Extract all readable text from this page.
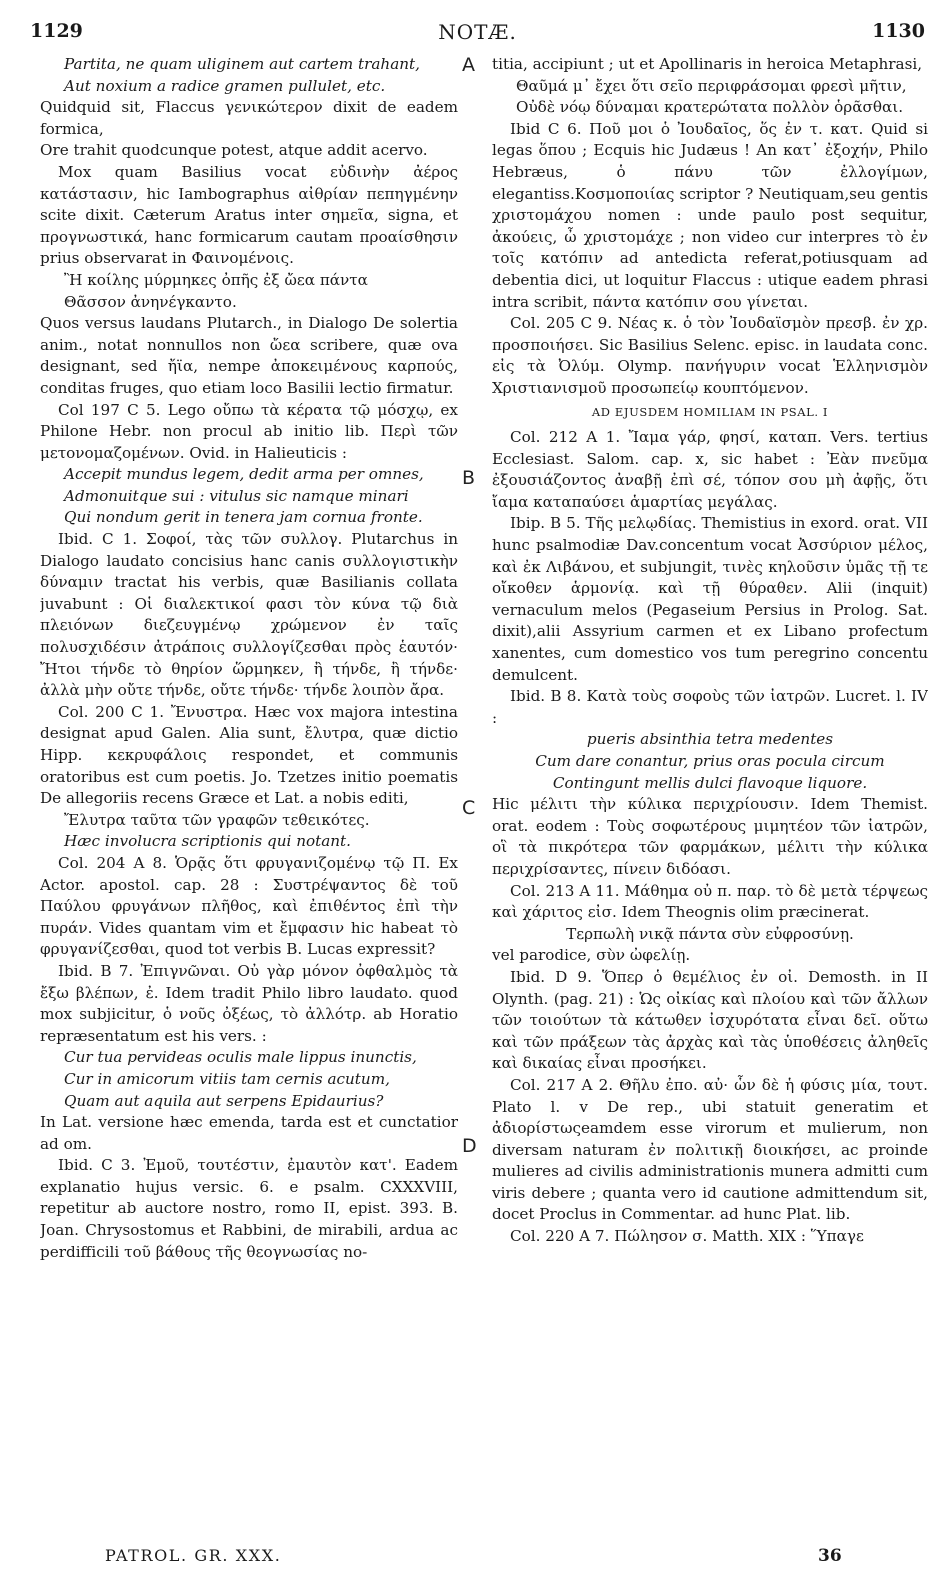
1129	NOTÆ.	1130

Partita, ne quam uliginem aut cartem trahant,

Aut noxium a radice gramen pullulet, etc.

Quidquid sit, Flaccus γενικώτερον dixit de eadem formica,

Ore trahit quodcunque potest, atque addit acervo.

Mox quam Basilius vocat εὐδινὴν ἀέρος κατάστασιν, hic Iambographus αἰθρίαν πεπηγμένην scite dixit. Cæterum Aratus inter σημεῖα, signa, et προγνωστικά, hanc formicarum cautam προαίσθησιν prius observarat in Φαινομένοις.

Ἢ κοίλης μύρμηκες ὀπῆς ἐξ ὤεα πάντα

Θᾶσσον ἀνηνέγκαντο.

Quos versus laudans Plutarch., in Dialogo De solertia anim., notat nonnullos non ὤεα scribere, quæ ova designant, sed ἤϊα, nempe ἀποκειμένους καρπούς, conditas fruges, quo etiam loco Basilii lectio firmatur.

Col 197 C 5. Lego οὔπω τὰ κέρατα τῷ μόσχῳ, ex Philone Hebr. non procul ab initio lib. Περὶ τῶν μετονομαζομένων. Ovid. in Halieuticis :

Accepit mundus legem, dedit arma per omnes,

Admonuitque sui : vitulus sic namque minari

Qui nondum gerit in tenera jam cornua fronte.

Ibid. C 1. Σοφοί, τὰς τῶν συλλογ. Plutarchus in Dialogo laudato concisius hanc canis συλλογιστικὴν δύναμιν tractat his verbis, quæ Basilianis collata juvabunt : Οἱ διαλεκτικοί φασι τὸν κύνα τῷ διὰ πλειόνων διεζευγμένῳ χρώμενον ἐν ταῖς πολυσχιδέσιν ἀτράποις συλλογίζεσθαι πρὸς ἑαυτόν· Ἤτοι τήνδε τὸ θηρίον ὥρμηκεν, ἢ τήνδε, ἢ τήνδε· ἀλλὰ μὴν οὔτε τήνδε, οὔτε τήνδε· τήνδε λοιπὸν ἄρα.

Col. 200 C 1. Ἔνυστρα. Hæc vox majora intestina designat apud Galen. Alia sunt, ἔλυτρα, quæ dictio Hipp. κεκρυφάλοις respondet, et communis oratoribus est cum poetis. Jo. Tzetzes initio poematis De allegoriis recens Græce et Lat. a nobis editi,

Ἔλυτρα ταῦτα τῶν γραφῶν τεθεικότες.

Hæc involucra scriptionis qui notant.

Col. 204 A 8. Ὁρᾷς ὅτι φρυγανιζομένῳ τῷ Π. Ex Actor. apostol. cap. 28 : Συστρέψαντος δὲ τοῦ Παύλου φρυγάνων πλῆθος, καὶ ἐπιθέντος ἐπὶ τὴν πυράν. Vides quantam vim et ἔμφασιν hic habeat τὸ φρυγανίζεσθαι, quod tot verbis B. Lucas expressit?

Ibid. B 7. Ἐπιγνῶναι. Οὐ γὰρ μόνον ὀφθαλμὸς τὰ ἔξω βλέπων, ἐ. Idem tradit Philo libro laudato. quod mox subjicitur, ὁ νοῦς ὀξέως, τὸ ἀλλότρ. ab Horatio repræsentatum est his vers. :

Cur tua pervideas oculis male lippus inunctis,

Cur in amicorum vitiis tam cernis acutum,

Quam aut aquila aut serpens Epidaurius?

In Lat. versione hæc emenda, tarda est et cunctatior ad om.

Ibid. C 3. Ἐμοῦ, τουτέστιν, ἐμαυτὸν κατ'. Eadem explanatio hujus versic. 6. e psalm. CXXXVIII, repetitur ab auctore nostro, romo II, epist. 393. B. Joan. Chrysostomus et Rabbini, de mirabili, ardua ac perdifficili τοῦ βάθους τῆς θεογνωσίας no-

titia, accipiunt ; ut et Apollinaris in heroica Metaphrasi,

Θαῦμά μ᾽ ἔχει ὅτι σεῖο περιφράσομαι φρεσὶ μῆτιν,

Οὐδὲ νόῳ δύναμαι κρατερώτατα πολλὸν ὁρᾶσθαι.

Ibid C 6. Ποῦ μοι ὁ Ἰουδαῖος, ὅς ἐν τ. κατ. Quid si legas ὅπου ; Ecquis hic Judæus ! An κατ᾽ ἐξοχήν, Philo Hebræus, ὁ πάνυ τῶν ἐλλογίμων, elegantiss.Κοσμοποιίας scriptor ? Neutiquam,seu gentis χριστομάχου nomen : unde paulo post sequitur, ἀκούεις, ὦ χριστομάχε ; non video cur interpres τὸ ἐν τοῖς κατόπιν ad antedicta referat,potiusquam ad debentia dici, ut loquitur Flaccus : utique eadem phrasi intra scribit, πάντα κατόπιν σου γίνεται.

Col. 205 C 9. Νέας κ. ὁ τὸν Ἰουδαϊσμὸν πρεσβ. ἐν χρ. προσποιήσει. Sic Basilius Selenc. episc. in laudata conc. εἰς τὰ Ὀλύμ. Olymp. πανήγυριν vocat Ἑλληνισμὸν Χριστιανισμοῦ προσωπείῳ κουπτόμενον.

AD EJUSDEM HOMILIAM IN PSAL. I

Col. 212 A 1. Ἴαμα γάρ, φησί, καταπ. Vers. tertius Ecclesiast. Salom. cap. x, sic habet : Ἐὰν πνεῦμα ἐξουσιάζοντος ἀναβῇ ἐπὶ σέ, τόπον σου μὴ ἀφῇς, ὅτι ἴαμα καταπαύσει ἁμαρτίας μεγάλας.

Ibip. B 5. Τῆς μελῳδίας. Themistius in exord. orat. VII hunc psalmodiæ Dav.concentum vocat Ἀσσύριον μέλος, καὶ ἐκ Λιβάνου, et subjungit, τινὲς κηλοῦσιν ὑμᾶς τῇ τε οἴκοθεν ἁρμονίᾳ. καὶ τῇ θύραθεν. Alii (inquit) vernaculum melos (Pegaseium Persius in Prolog. Sat. dixit),alii Assyrium carmen et ex Libano profectum xanentes, cum domestico vos tum peregrino concentu demulcent.

Ibid. B 8. Κατὰ τοὺς σοφοὺς τῶν ἰατρῶν. Lucret. l. IV :

pueris absinthia tetra medentes

Cum dare conantur, prius oras pocula circum

Contingunt mellis dulci flavoque liquore.

Hic μέλιτι τὴν κύλικα περιχρίουσιν. Idem Themist. orat. eodem : Τοὺς σοφωτέρους μιμητέον τῶν ἰατρῶν, οἳ τὰ πικρότερα τῶν φαρμάκων, μέλιτι τὴν κύλικα περιχρίσαντες, πίνειν διδόασι.

Col. 213 A 11. Μάθημα οὐ π. παρ. τὸ δὲ μετὰ τέρψεως καὶ χάριτος εἰσ. Idem Theognis olim præcinerat.

Τερπωλὴ νικᾷ πάντα σὺν εὐφροσύνῃ.

vel parodice, σὺν ὠφελίῃ.

Ibid. D 9. Ὅπερ ὁ θεμέλιος ἐν οἰ. Demosth. in II Olynth. (pag. 21) : Ὡς οἰκίας καὶ πλοίου καὶ τῶν ἄλλων τῶν τοιούτων τὰ κάτωθεν ἰσχυρότατα εἶναι δεῖ. οὕτω καὶ τῶν πράξεων τὰς ἀρχὰς καὶ τὰς ὑποθέσεις ἀληθεῖς καὶ δικαίας εἶναι προσήκει.

Col. 217 A 2. Θῆλυ ἐπο. αὐ· ὧν δὲ ἡ φύσις μία, τουτ. Plato l. v De rep., ubi statuit generatim et ἀδιορίστωςeamdem esse virorum et mulierum, non diversam naturam ἐν πολιτικῇ διοικήσει, ac proinde mulieres ad civilis administrationis munera admitti cum viris debere ; quanta vero id cautione admittendum sit, docet Proclus in Commentar. ad hunc Plat. lib.

Col. 220 A 7. Πώλησον σ. Matth. XIX : Ὕπαγε

A
B
C
D
PATROL. GR. XXX.	36
